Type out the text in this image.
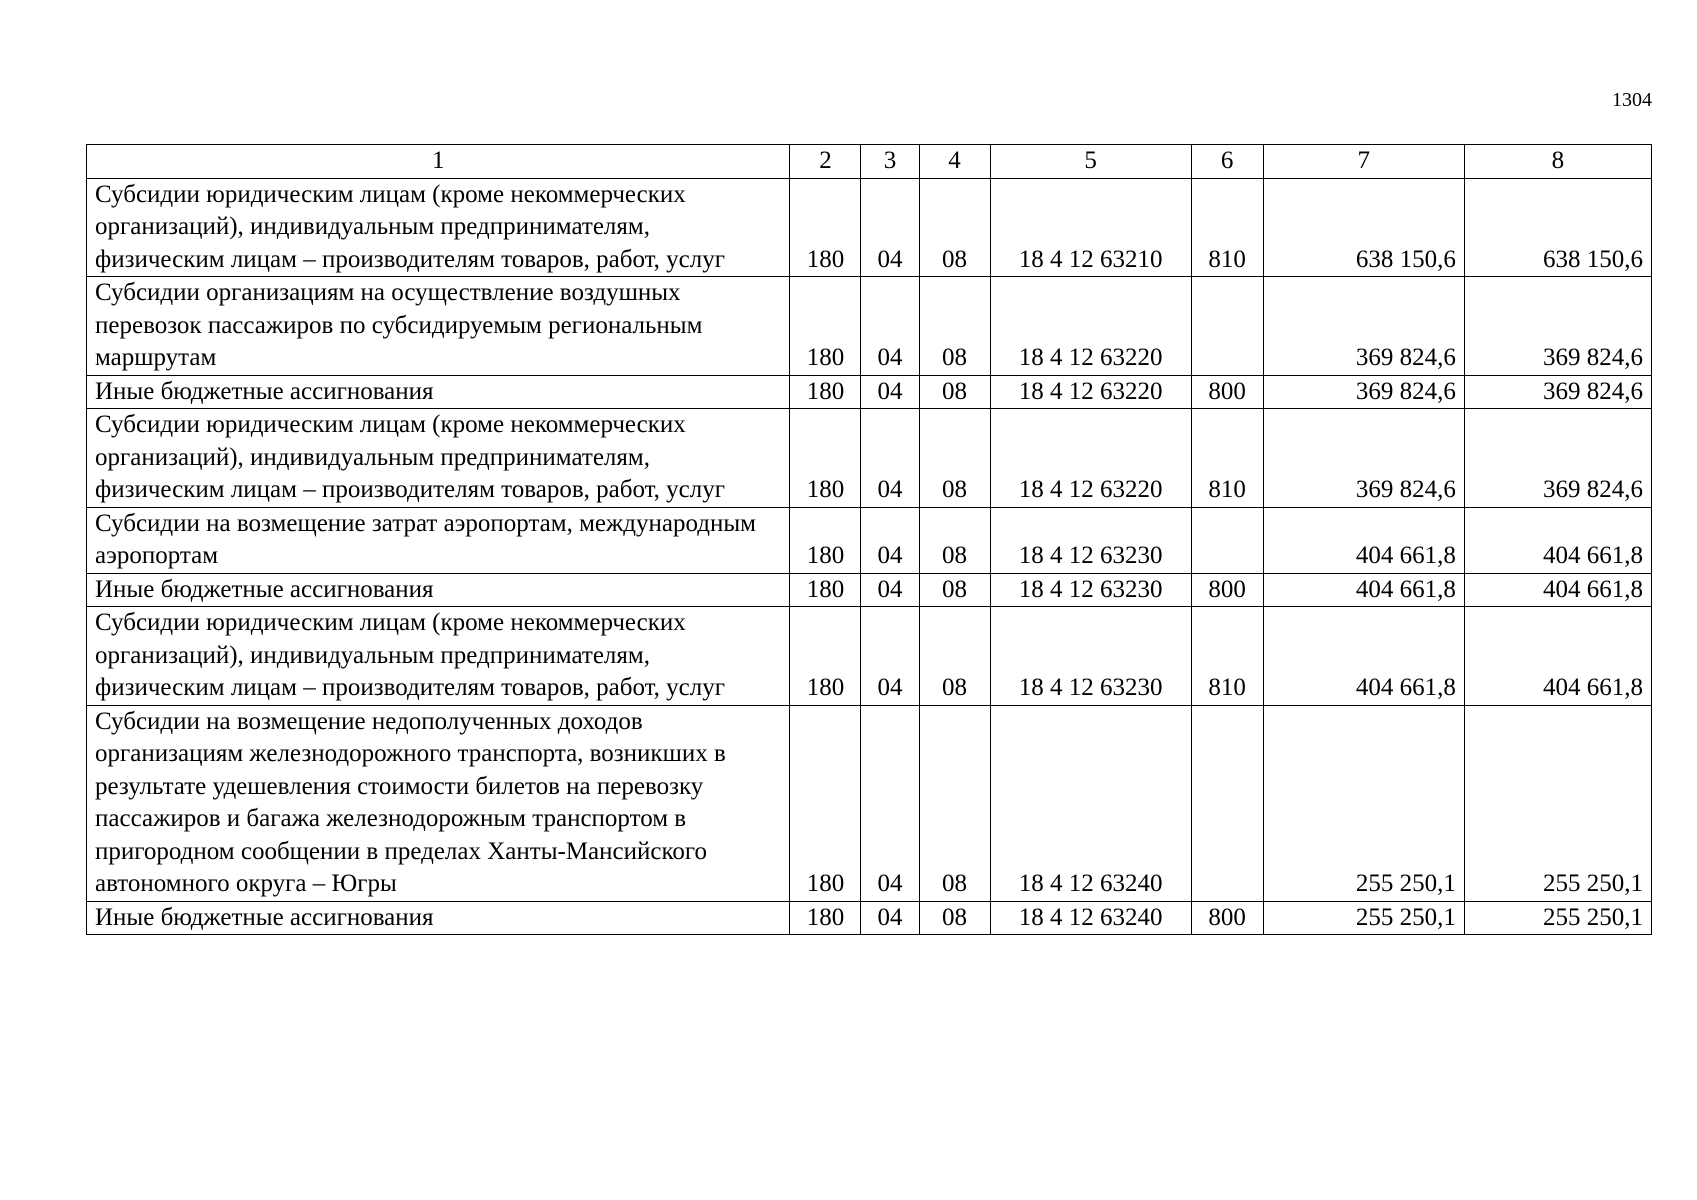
1304
1	2	3	4	5	6	7	8
Субсидии юридическим лицам (кроме некоммерческих организаций), индивидуальным предпринимателям, физическим лицам – производителям товаров, работ, услуг	180	04	08	18 4 12 63210	810	638 150,6	638 150,6
Субсидии организациям на осуществление воздушных перевозок пассажиров по субсидируемым региональным маршрутам	180	04	08	18 4 12 63220		369 824,6	369 824,6
Иные бюджетные ассигнования	180	04	08	18 4 12 63220	800	369 824,6	369 824,6
Субсидии юридическим лицам (кроме некоммерческих организаций), индивидуальным предпринимателям, физическим лицам – производителям товаров, работ, услуг	180	04	08	18 4 12 63220	810	369 824,6	369 824,6
Субсидии на возмещение затрат аэропортам, международным аэропортам	180	04	08	18 4 12 63230		404 661,8	404 661,8
Иные бюджетные ассигнования	180	04	08	18 4 12 63230	800	404 661,8	404 661,8
Субсидии юридическим лицам (кроме некоммерческих организаций), индивидуальным предпринимателям, физическим лицам – производителям товаров, работ, услуг	180	04	08	18 4 12 63230	810	404 661,8	404 661,8
Субсидии на возмещение недополученных доходов организациям железнодорожного транспорта, возникших в результате удешевления стоимости билетов на перевозку пассажиров и багажа железнодорожным транспортом в пригородном сообщении в пределах Ханты-Мансийского автономного округа – Югры	180	04	08	18 4 12 63240		255 250,1	255 250,1
Иные бюджетные ассигнования	180	04	08	18 4 12 63240	800	255 250,1	255 250,1
